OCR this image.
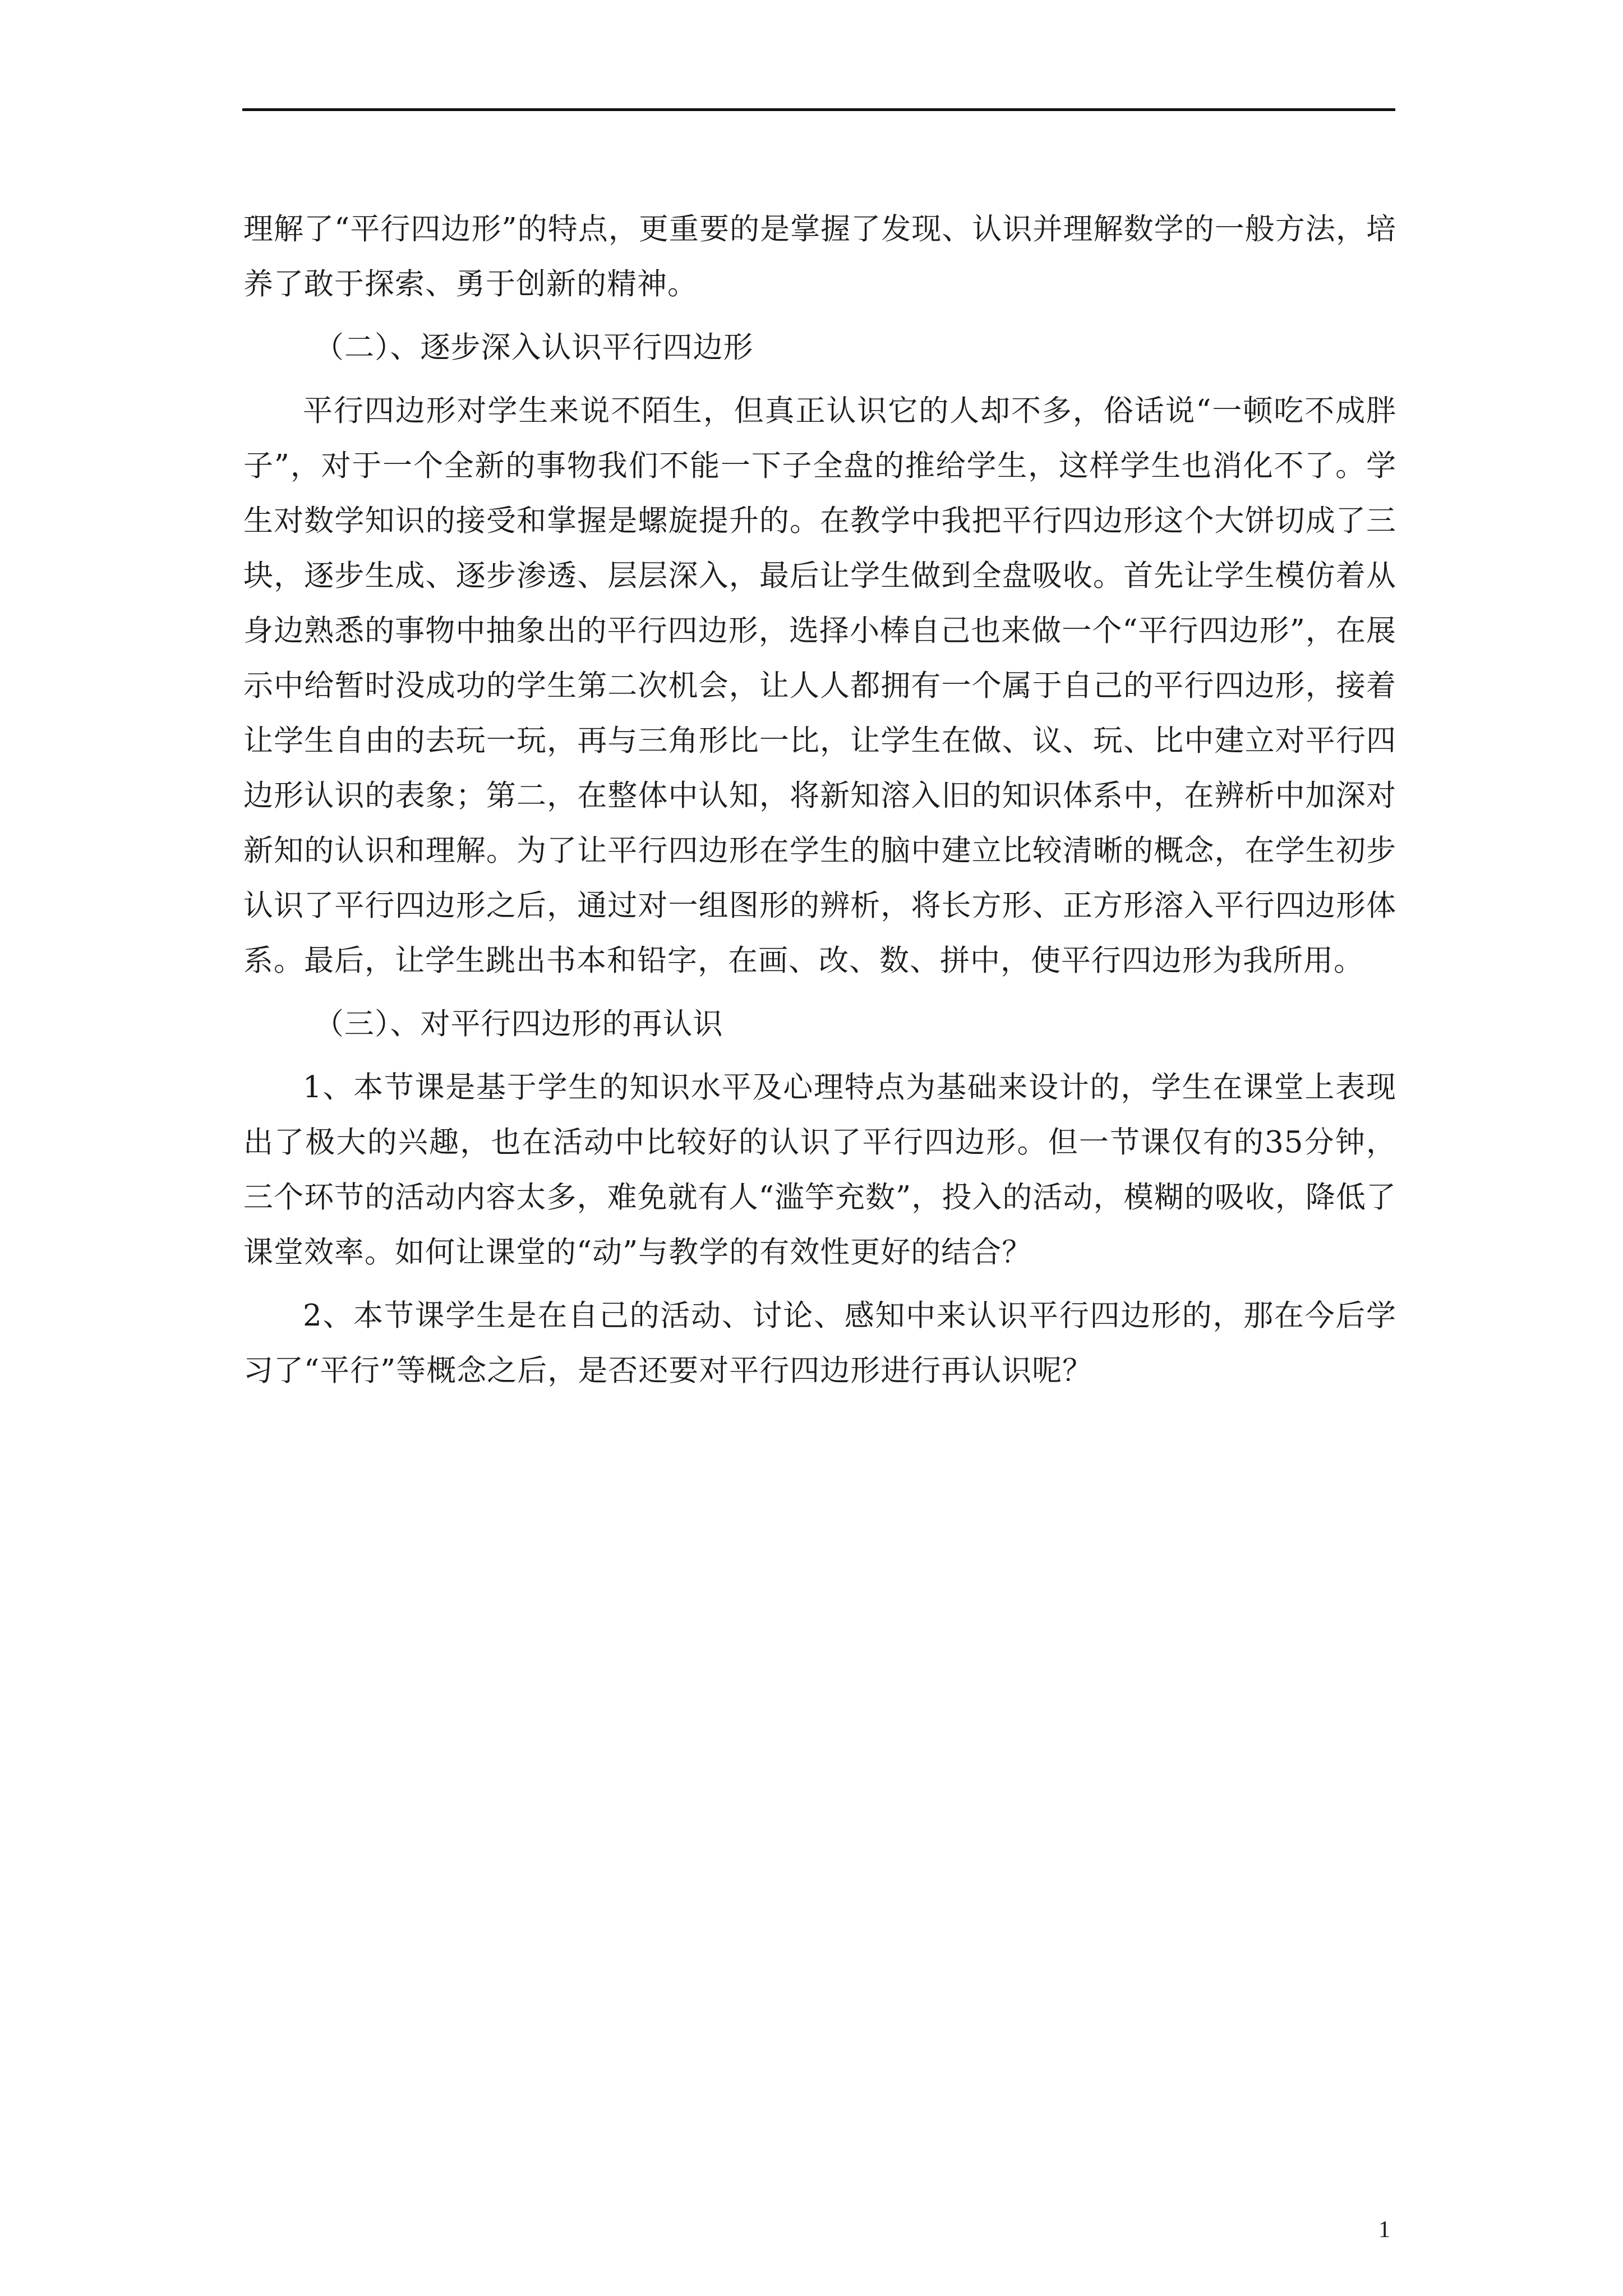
理解了“平行四边形”的特点，更重要的是掌握了发现、认识并理解数学的一般方法，培养了敢于探索、勇于创新的精神。

（二）、逐步深入认识平行四边形

平行四边形对学生来说不陌生，但真正认识它的人却不多，俗话说“一顿吃不成胖子”，对于一个全新的事物我们不能一下子全盘的推给学生，这样学生也消化不了。学生对数学知识的接受和掌握是螺旋提升的。在教学中我把平行四边形这个大饼切成了三块，逐步生成、逐步渗透、层层深入，最后让学生做到全盘吸收。首先让学生模仿着从身边熟悉的事物中抽象出的平行四边形，选择小棒自己也来做一个“平行四边形”，在展示中给暂时没成功的学生第二次机会，让人人都拥有一个属于自己的平行四边形，接着让学生自由的去玩一玩，再与三角形比一比，让学生在做、议、玩、比中建立对平行四边形认识的表象；第二，在整体中认知，将新知溶入旧的知识体系中，在辨析中加深对新知的认识和理解。为了让平行四边形在学生的脑中建立比较清晰的概念，在学生初步认识了平行四边形之后，通过对一组图形的辨析，将长方形、正方形溶入平行四边形体系。最后，让学生跳出书本和铅字，在画、改、数、拼中，使平行四边形为我所用。

（三）、对平行四边形的再认识

1、本节课是基于学生的知识水平及心理特点为基础来设计的，学生在课堂上表现出了极大的兴趣，也在活动中比较好的认识了平行四边形。但一节课仅有的35分钟，三个环节的活动内容太多，难免就有人“滥竽充数”，投入的活动，模糊的吸收，降低了课堂效率。如何让课堂的“动”与教学的有效性更好的结合？

2、本节课学生是在自己的活动、讨论、感知中来认识平行四边形的，那在今后学习了“平行”等概念之后，是否还要对平行四边形进行再认识呢？

1
